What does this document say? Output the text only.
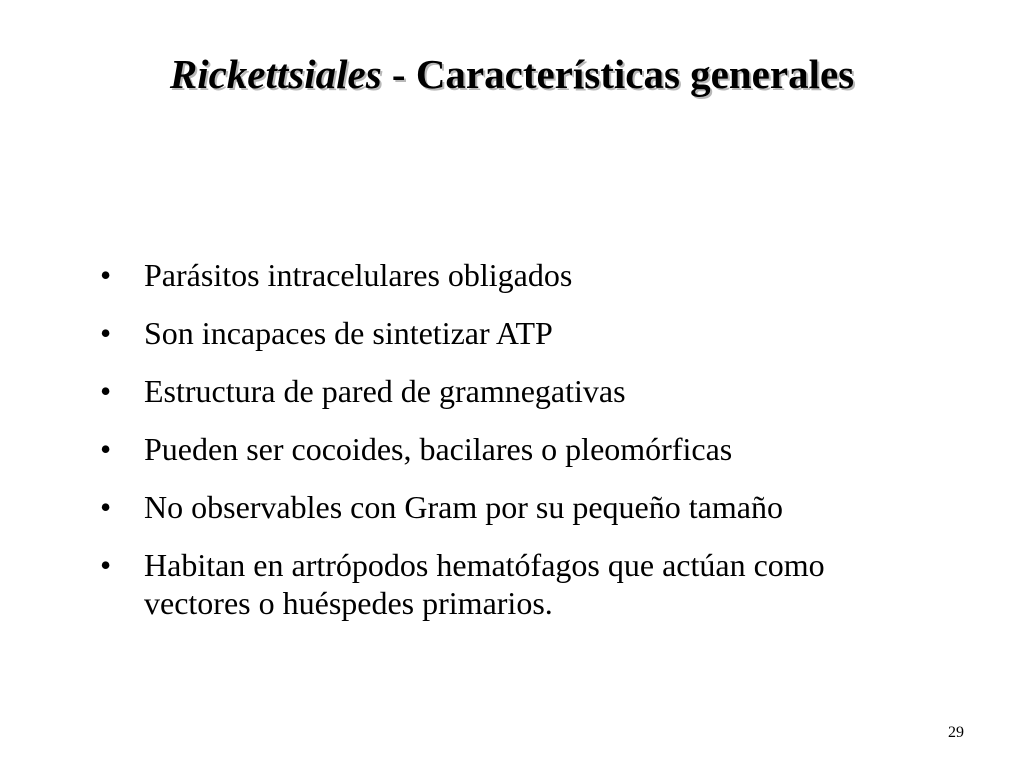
Rickettsiales - Características generales
•	Parásitos intracelulares obligados
•	Son incapaces de sintetizar ATP
•	Estructura de pared de gramnegativas
•	Pueden ser cocoides, bacilares o pleomórficas
•	No observables con Gram por su pequeño tamaño
•	Habitan en artrópodos hematófagos que actúan como vectores o huéspedes primarios.
29
